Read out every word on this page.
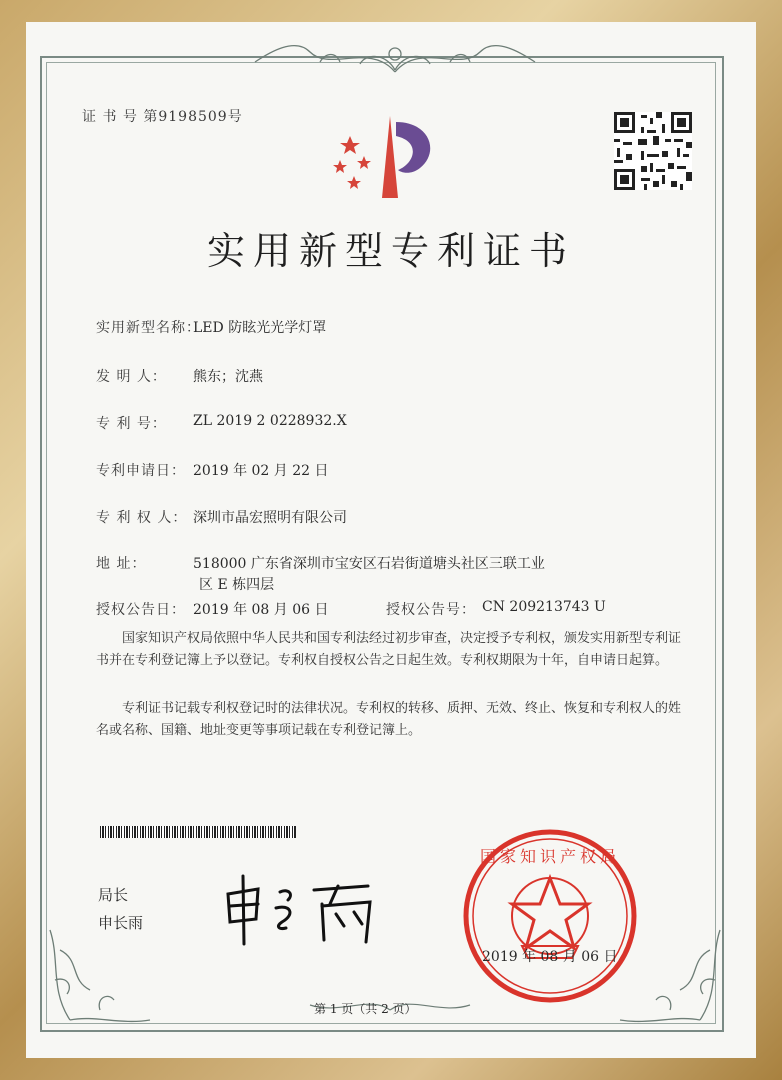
证 书 号 第9198509号
实用新型专利证书
实用新型名称：
LED 防眩光光学灯罩
发 明 人： 熊东；沈燕
专 利 号： ZL 2019 2 0228932.X
专利申请日： 2019 年 02 月 22 日
专 利 权 人： 深圳市晶宏照明有限公司
地 址：	518000 广东省深圳市宝安区石岩街道塘头社区三联工业
区 E 栋四层
授权公告日： 2019 年 08 月 06 日	授权公告号： CN 209213743 U
国家知识产权局依照中华人民共和国专利法经过初步审查，决定授予专利权，颁发实用新型专利证书并在专利登记簿上予以登记。专利权自授权公告之日起生效。专利权期限为十年，自申请日起算。
专利证书记载专利权登记时的法律状况。专利权的转移、质押、无效、终止、恢复和专利权人的姓名或名称、国籍、地址变更等事项记载在专利登记簿上。
局长
申长雨
国家知识产权局
2019 年 08 月 06 日
第 1 页（共 2 页）
